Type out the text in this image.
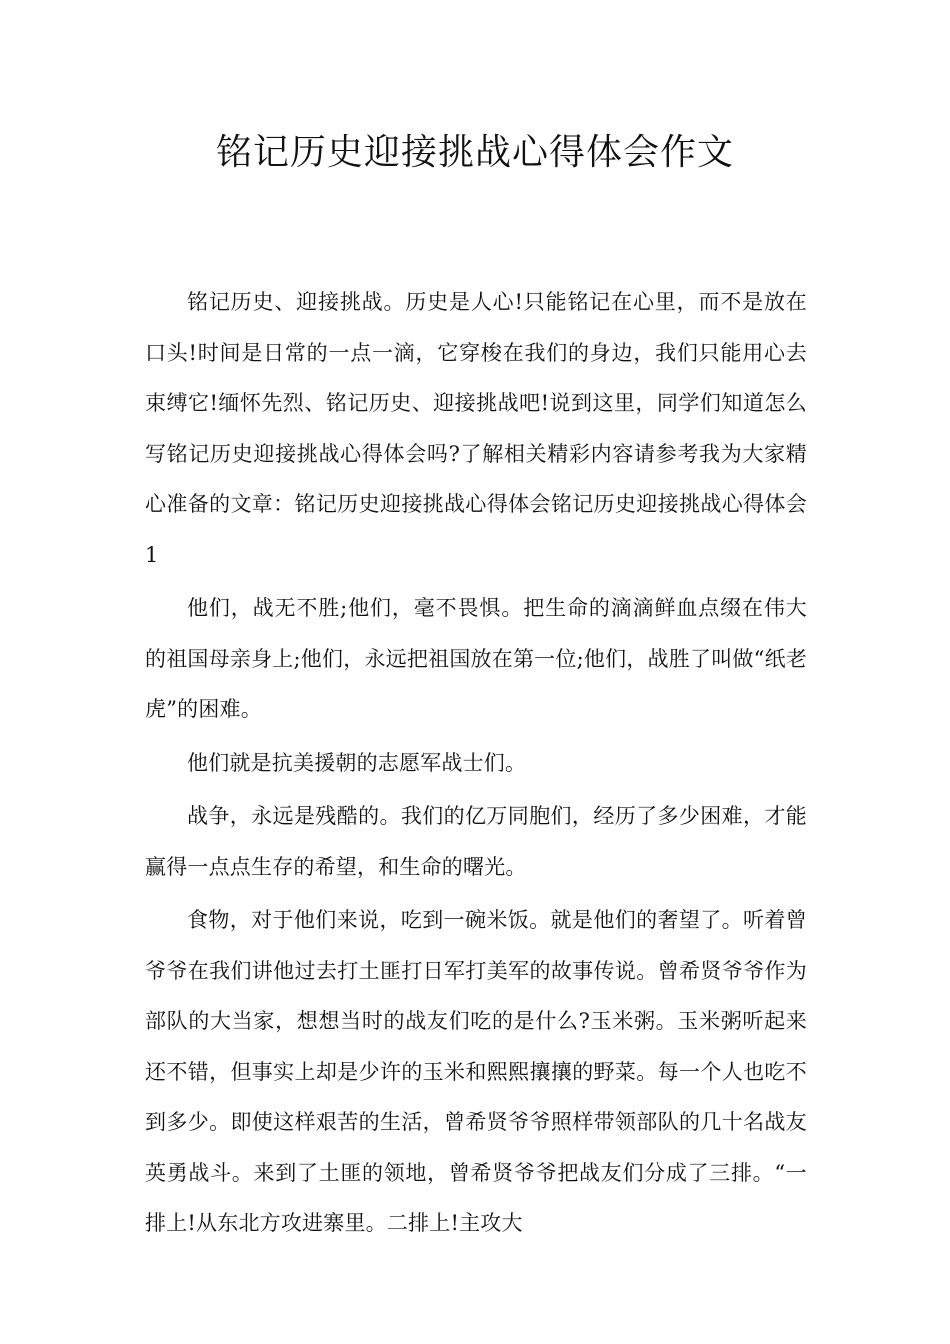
铭记历史迎接挑战心得体会作文

铭记历史、迎接挑战。历史是人心!只能铭记在心里，而不是放在口头!时间是日常的一点一滴，它穿梭在我们的身边，我们只能用心去束缚它!缅怀先烈、铭记历史、迎接挑战吧!说到这里，同学们知道怎么写铭记历史迎接挑战心得体会吗?了解相关精彩内容请参考我为大家精心准备的文章：铭记历史迎接挑战心得体会铭记历史迎接挑战心得体会1

他们，战无不胜;他们，毫不畏惧。把生命的滴滴鲜血点缀在伟大的祖国母亲身上;他们，永远把祖国放在第一位;他们，战胜了叫做“纸老虎”的困难。

他们就是抗美援朝的志愿军战士们。

战争，永远是残酷的。我们的亿万同胞们，经历了多少困难，才能赢得一点点生存的希望，和生命的曙光。

食物，对于他们来说，吃到一碗米饭。就是他们的奢望了。听着曾爷爷在我们讲他过去打土匪打日军打美军的故事传说。曾希贤爷爷作为部队的大当家，想想当时的战友们吃的是什么?玉米粥。玉米粥听起来还不错，但事实上却是少许的玉米和熙熙攘攘的野菜。每一个人也吃不到多少。即使这样艰苦的生活，曾希贤爷爷照样带领部队的几十名战友英勇战斗。来到了土匪的领地，曾希贤爷爷把战友们分成了三排。“一排上!从东北方攻进寨里。二排上!主攻大
